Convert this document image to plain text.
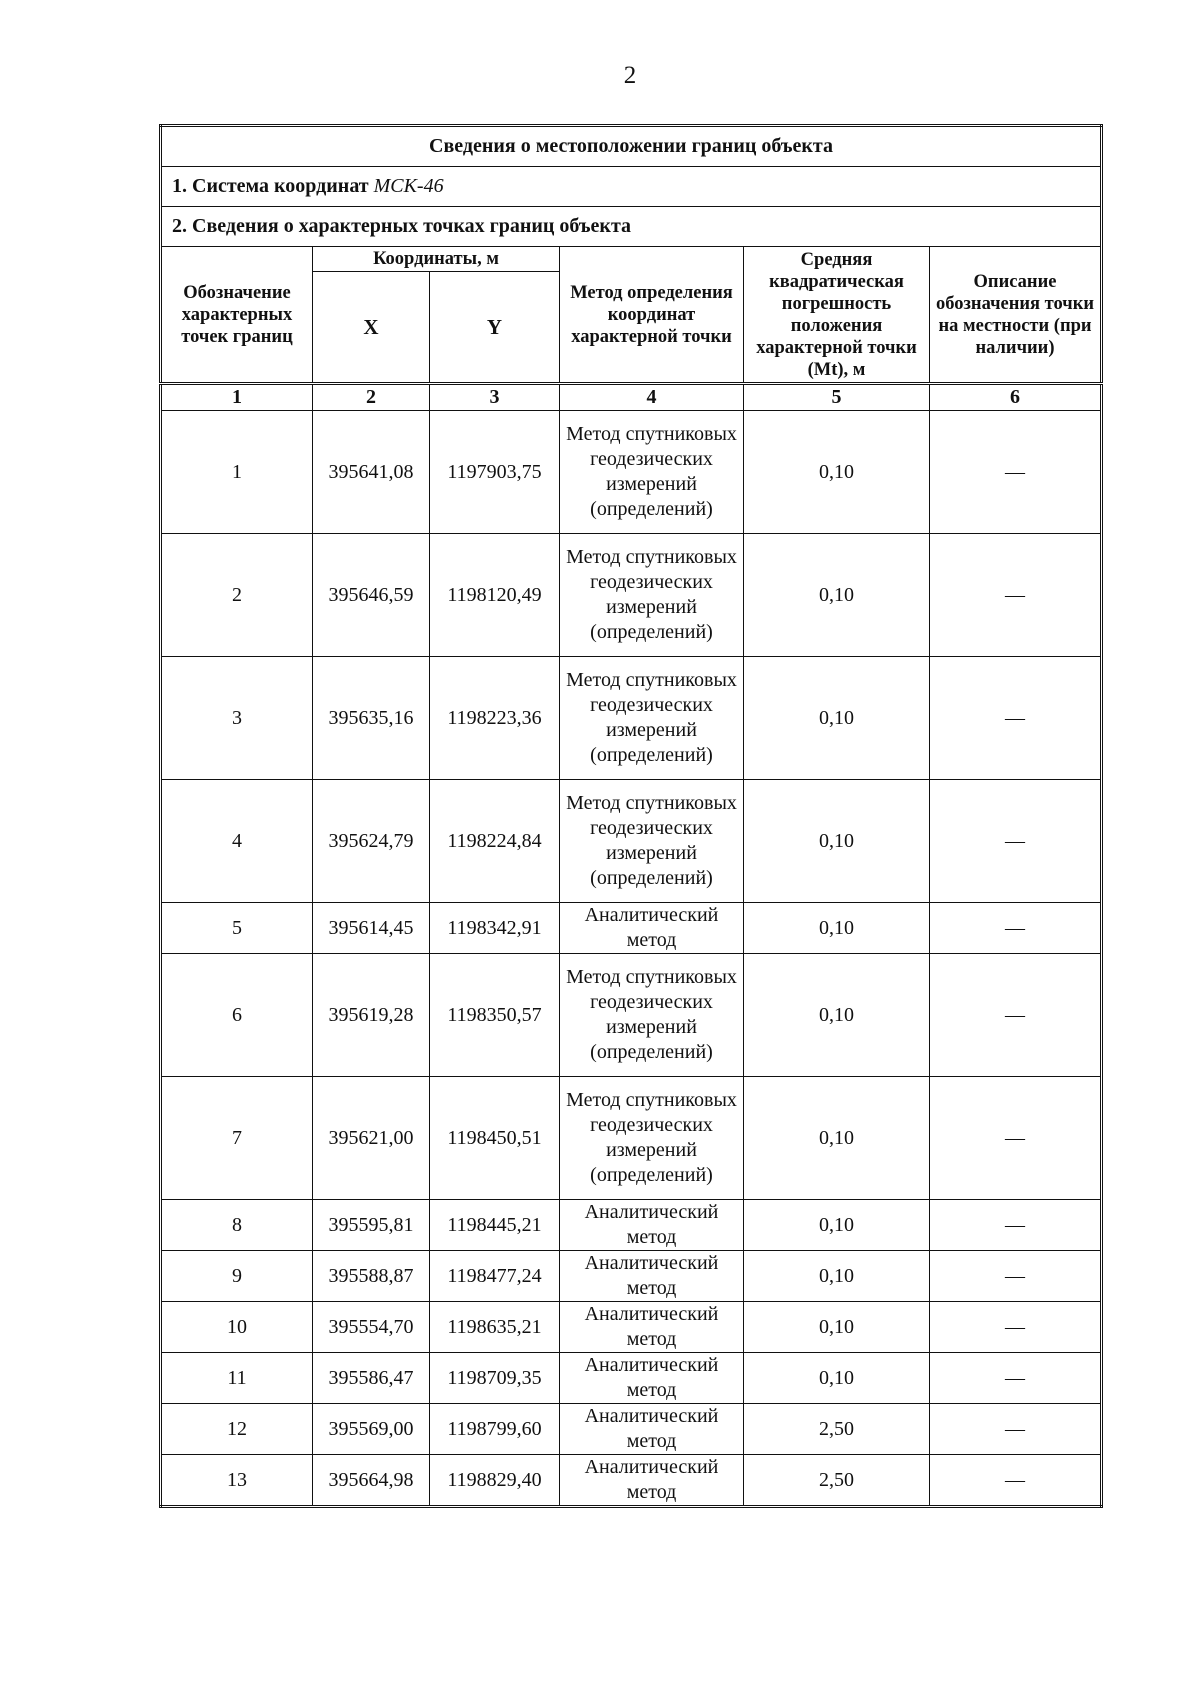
2
Сведения о местоположении границ объекта					
1. Система координат МСК-46					
2. Сведения о характерных точках границ объекта					
Обозначение характерных точек границ	Координаты, м		Метод определения координат характерной точки	Средняя квадратическая погрешность положения характерной точки (Mt), м	Описание обозначения точки на местности (при наличии)
	X	Y			
1	2	3	4	5	6
1	395641,08	1197903,75	Метод спутниковых геодезических измерений (определений)	0,10	—
2	395646,59	1198120,49	Метод спутниковых геодезических измерений (определений)	0,10	—
3	395635,16	1198223,36	Метод спутниковых геодезических измерений (определений)	0,10	—
4	395624,79	1198224,84	Метод спутниковых геодезических измерений (определений)	0,10	—
5	395614,45	1198342,91	Аналитический метод	0,10	—
6	395619,28	1198350,57	Метод спутниковых геодезических измерений (определений)	0,10	—
7	395621,00	1198450,51	Метод спутниковых геодезических измерений (определений)	0,10	—
8	395595,81	1198445,21	Аналитический метод	0,10	—
9	395588,87	1198477,24	Аналитический метод	0,10	—
10	395554,70	1198635,21	Аналитический метод	0,10	—
11	395586,47	1198709,35	Аналитический метод	0,10	—
12	395569,00	1198799,60	Аналитический метод	2,50	—
13	395664,98	1198829,40	Аналитический метод	2,50	—
